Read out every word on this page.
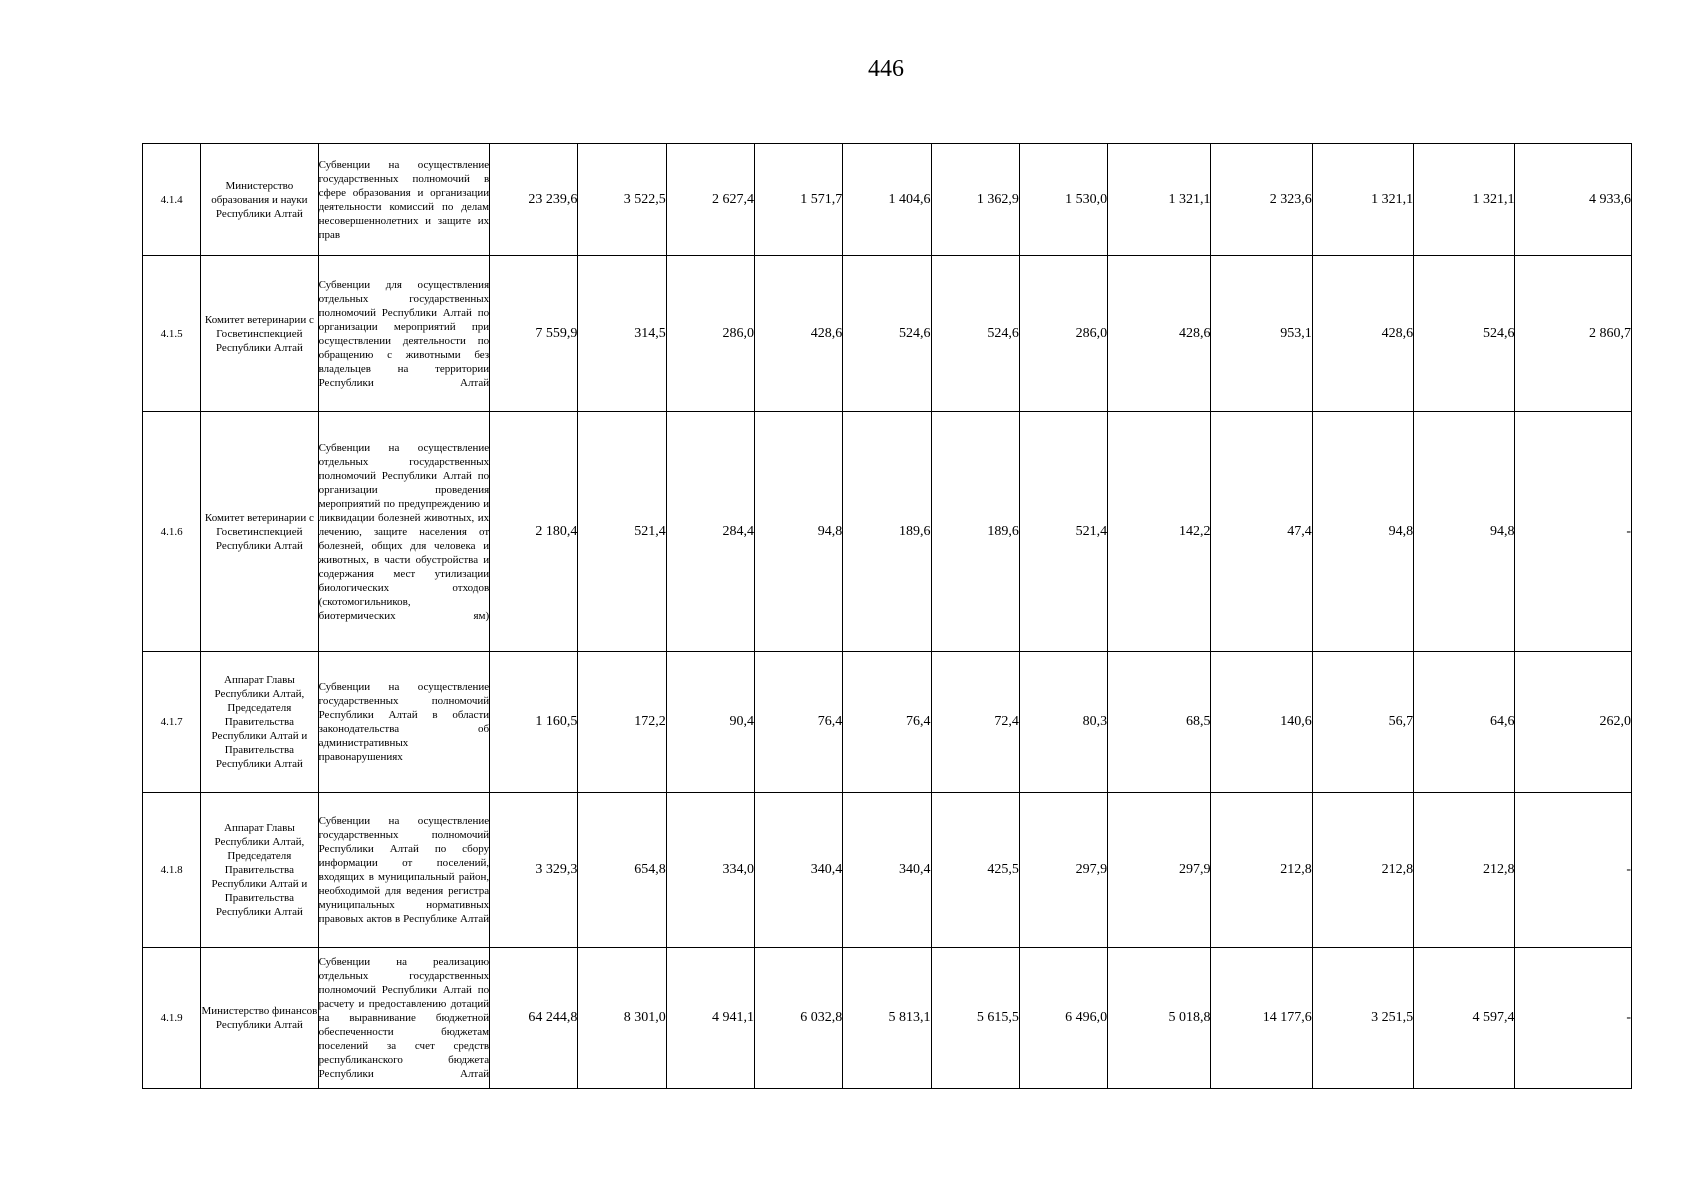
446
4.1.4	Министерство образования и науки Республики Алтай	Субвенции на осуществление государственных полномочий в сфере образования и организации деятельности комиссий по делам несовершеннолетних и защите их прав	23 239,6	3 522,5	2 627,4	1 571,7	1 404,6	1 362,9	1 530,0	1 321,1	2 323,6	1 321,1	1 321,1	4 933,6
4.1.5	Комитет ветеринарии с Госветинспекцией Республики Алтай	Субвенции для осуществления отдельных государственных полномочий Республики Алтай по организации мероприятий при осуществлении деятельности по обращению с животными без владельцев на территории Республики Алтай	7 559,9	314,5	286,0	428,6	524,6	524,6	286,0	428,6	953,1	428,6	524,6	2 860,7
4.1.6	Комитет ветеринарии с Госветинспекцией Республики Алтай	Субвенции на осуществление отдельных государственных полномочий Республики Алтай по организации проведения мероприятий по предупреждению и ликвидации болезней животных, их лечению, защите населения от болезней, общих для человека и животных, в части обустройства и содержания мест утилизации биологических отходов (скотомогильников, биотермических ям)	2 180,4	521,4	284,4	94,8	189,6	189,6	521,4	142,2	47,4	94,8	94,8	-
4.1.7	Аппарат Главы Республики Алтай, Председателя Правительства Республики Алтай и Правительства Республики Алтай	Субвенции на осуществление государственных полномочий Республики Алтай в области законодательства об административных правонарушениях	1 160,5	172,2	90,4	76,4	76,4	72,4	80,3	68,5	140,6	56,7	64,6	262,0
4.1.8	Аппарат Главы Республики Алтай, Председателя Правительства Республики Алтай и Правительства Республики Алтай	Субвенции на осуществление государственных полномочий Республики Алтай по сбору информации от поселений, входящих в муниципальный район, необходимой для ведения регистра муниципальных нормативных правовых актов в Республике Алтай	3 329,3	654,8	334,0	340,4	340,4	425,5	297,9	297,9	212,8	212,8	212,8	-
4.1.9	Министерство финансов Республики Алтай	Субвенции на реализацию отдельных государственных полномочий Республики Алтай по расчету и предоставлению дотаций на выравнивание бюджетной обеспеченности бюджетам поселений за счет средств республиканского бюджета Республики Алтай	64 244,8	8 301,0	4 941,1	6 032,8	5 813,1	5 615,5	6 496,0	5 018,8	14 177,6	3 251,5	4 597,4	-
